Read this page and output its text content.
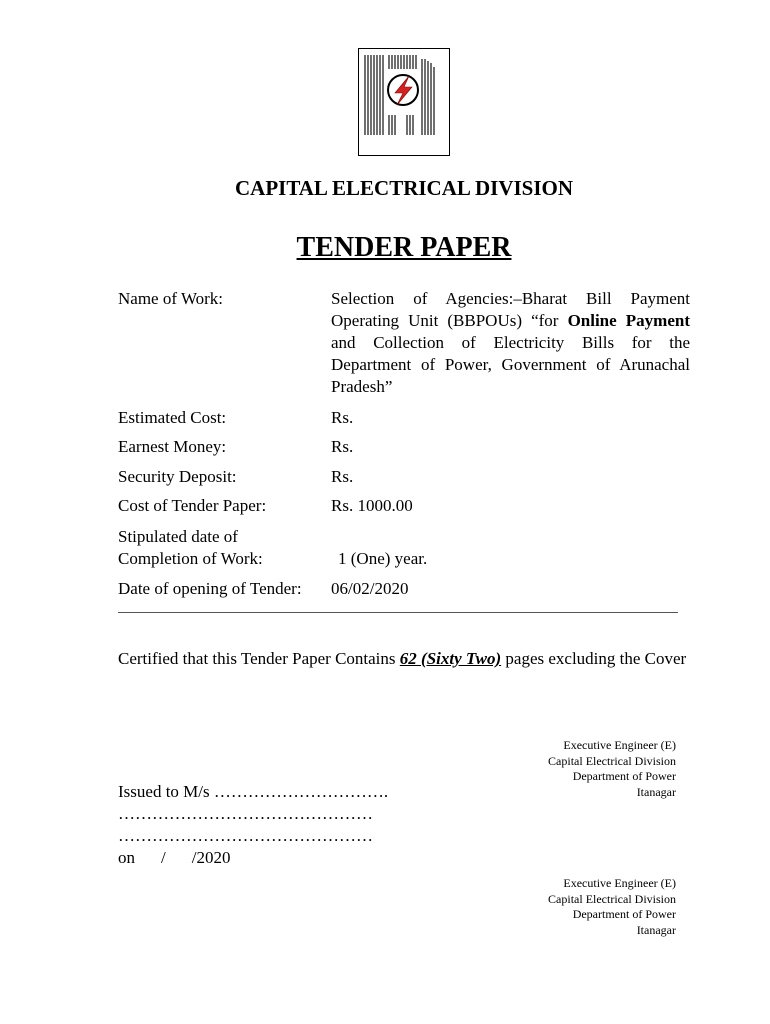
CAPITAL ELECTRICAL DIVISION
TENDER PAPER
Name of Work:	Selection of Agencies:–Bharat Bill Payment Operating Unit (BBPOUs) “for Online Payment and Collection of Electricity Bills for the Department of Power, Government of Arunachal Pradesh”
Estimated Cost:	Rs.
Earnest Money:	Rs.
Security Deposit:	Rs.
Cost of Tender Paper:	Rs. 1000.00
Stipulated date of
Completion of Work:	1 (One) year.
Date of opening of Tender: 06/02/2020
Certified that this Tender Paper Contains 62 (Sixty Two) pages excluding the Cover
Executive Engineer (E)
Capital Electrical Division
Department of Power
Itanagar
Issued to M/s ………………………….
………………………………………
………………………………………
on / /2020
Executive Engineer (E)
Capital Electrical Division
Department of Power
Itanagar
